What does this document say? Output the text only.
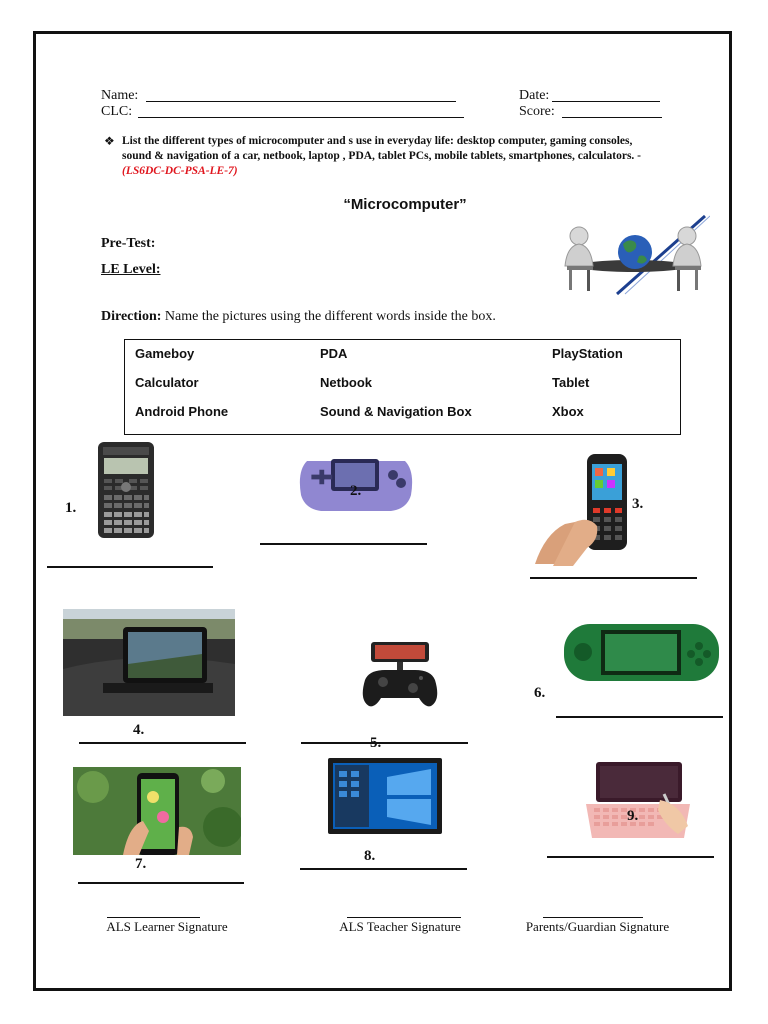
Name:
CLC:
Date:
Score:
❖ List the different types of microcomputer and s use in everyday life: desktop computer, gaming consoles, sound & navigation of a car, netbook, laptop , PDA, tablet PCs, mobile tablets, smartphones, calculators. -(LS6DC-DC-PSA-LE-7)
“Microcomputer”
Pre-Test:
LE Level:
Direction: Name the pictures using the different words inside the box.
Gameboy	PDA	PlayStation
Calculator	Netbook	Tablet
Android Phone	Sound & Navigation Box	Xbox
1.
2.
3.
4.
5.
6.
7.	8.
9.
ALS Learner Signature	ALS Teacher Signature	Parents/Guardian Signature
